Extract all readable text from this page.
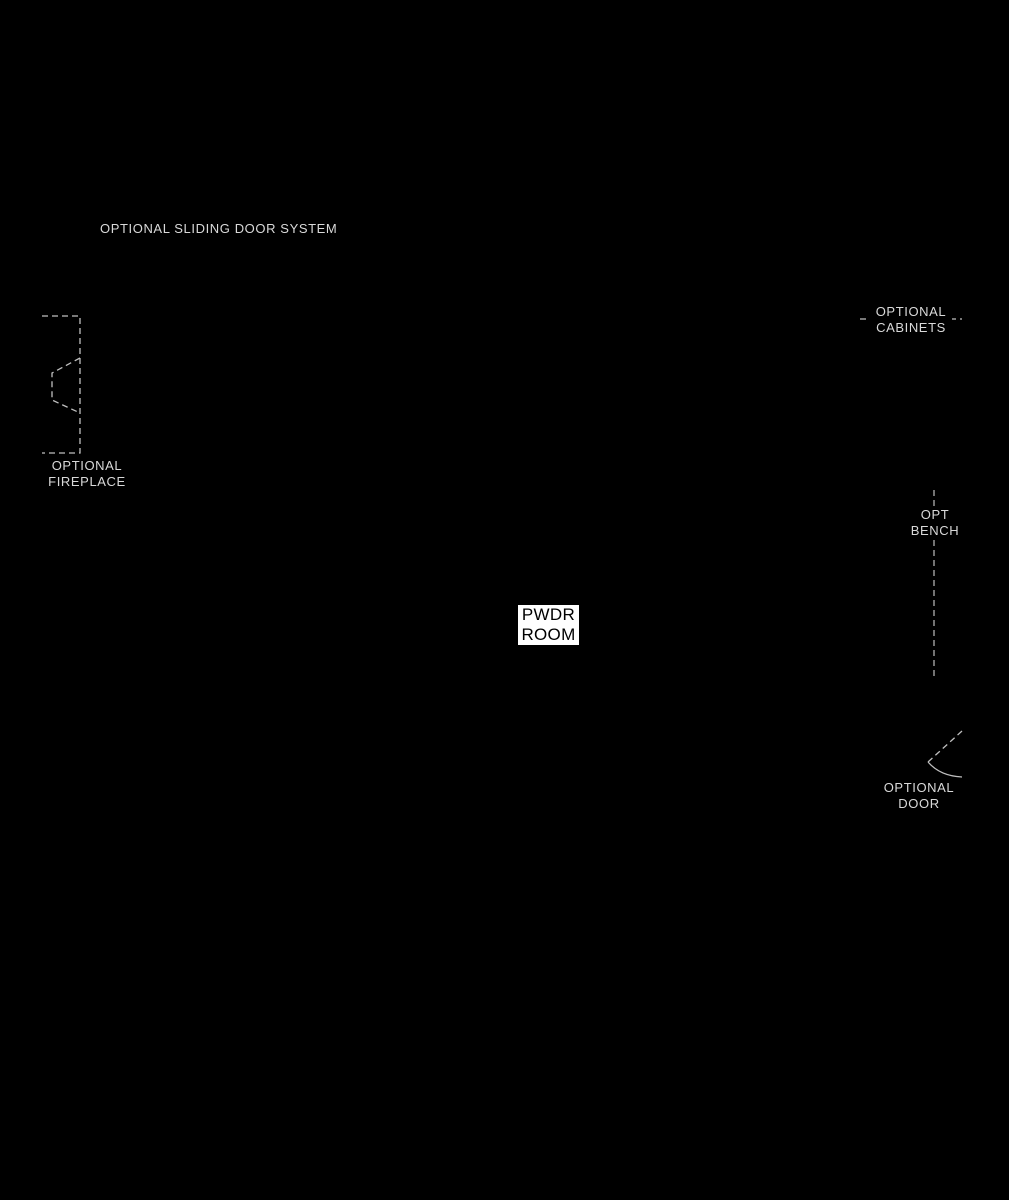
OPTIONAL SLIDING DOOR SYSTEM
OPTIONAL
CABINETS
OPTIONAL
FIREPLACE
OPT
BENCH
OPTIONAL
DOOR
PWDR
ROOM
